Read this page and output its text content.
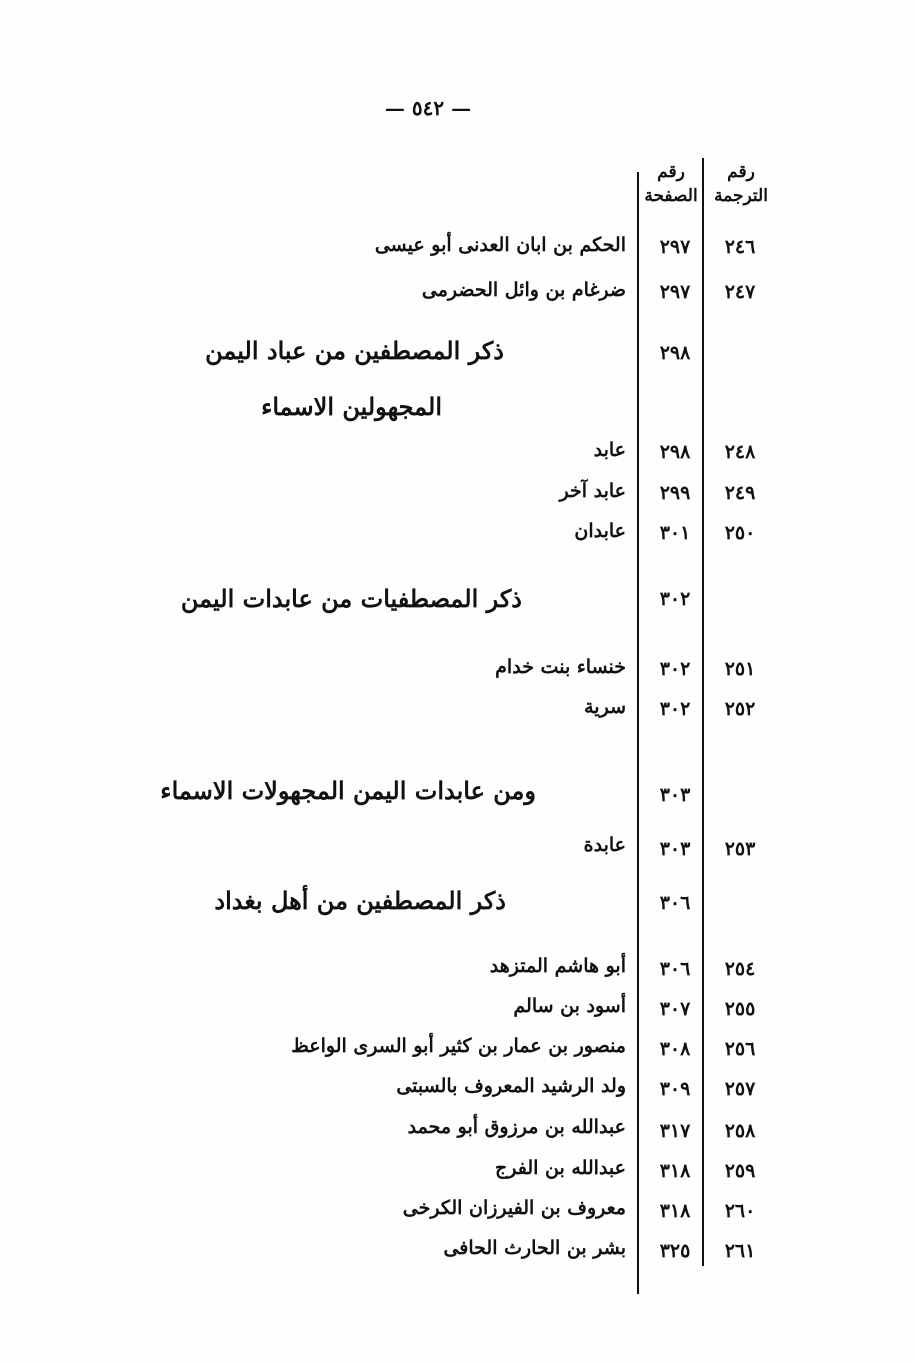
— ٥٤٢ —
رقم الترجمة
رقم الصفحة
٢٤٦
٢٩٧
الحكم بن ابان العدنى أبو عيسى
٢٤٧
٢٩٧
ضرغام بن وائل الحضرمى
٢٩٨
ذكر المصطفين من عباد اليمن
المجهولين الاسماء
٢٤٨
٢٩٨
عابد
٢٤٩
٢٩٩
عابد آخر
٢٥٠
٣٠١
عابدان
٣٠٢
ذكر المصطفيات من عابدات اليمن
٢٥١
٣٠٢
خنساء بنت خدام
٢٥٢
٣٠٢
سرية
٣٠٣
ومن عابدات اليمن المجهولات الاسماء
٢٥٣
٣٠٣
عابدة
٣٠٦
ذكر المصطفين من أهل بغداد
٢٥٤
٣٠٦
أبو هاشم المتزهد
٢٥٥
٣٠٧
أسود بن سالم
٢٥٦
٣٠٨
منصور بن عمار بن كثير أبو السرى الواعظ
٢٥٧
٣٠٩
ولد الرشيد المعروف بالسبتى
٢٥٨
٣١٧
عبدالله بن مرزوق أبو محمد
٢٥٩
٣١٨
عبدالله بن الفرج
٢٦٠
٣١٨
معروف بن الفيرزان الكرخى
٢٦١
٣٢٥
بشر بن الحارث الحافى
